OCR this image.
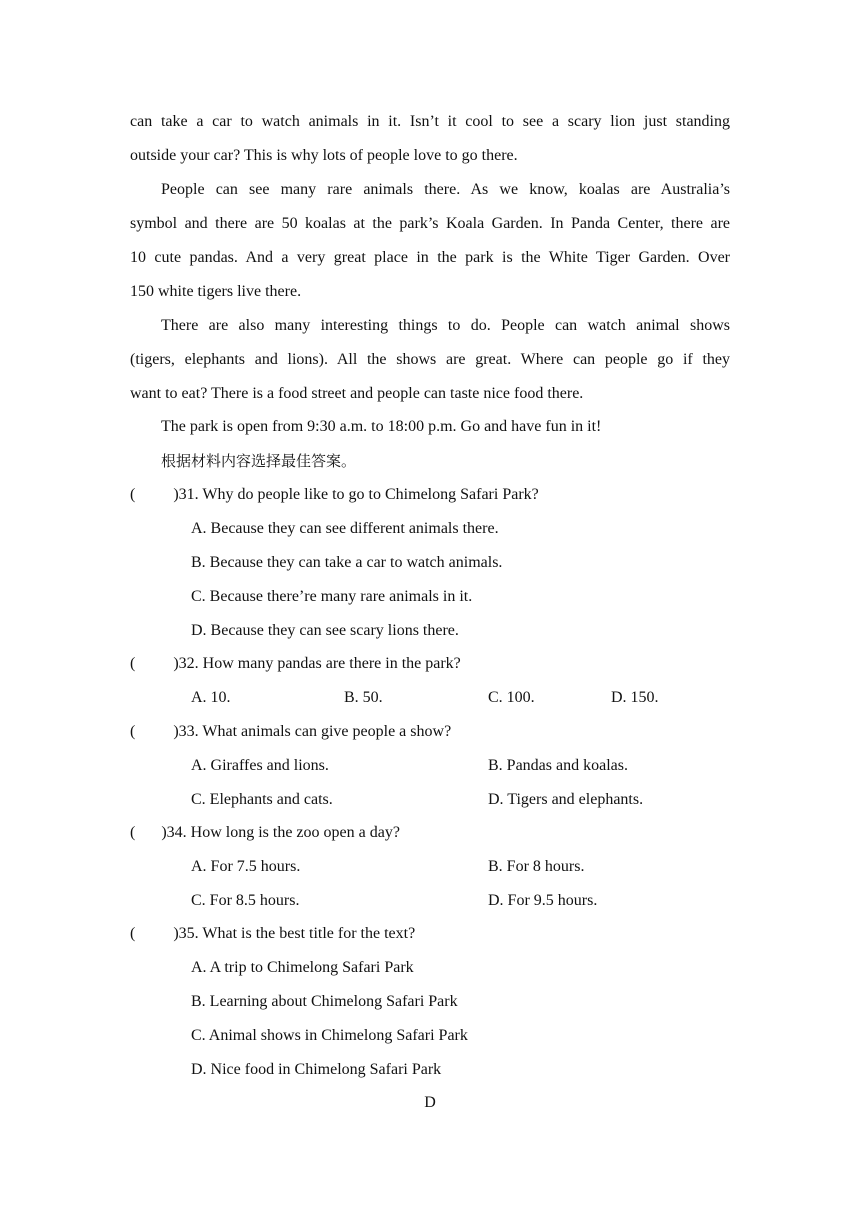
can take a car to watch animals in it. Isn’t it cool to see a scary lion just standing
outside your car? This is why lots of people love to go there.
People can see many rare animals there. As we know, koalas are Australia’s
symbol and there are 50 koalas at the park’s Koala Garden. In Panda Center, there are
10 cute pandas. And a very great place in the park is the White Tiger Garden. Over
150 white tigers live there.
There are also many interesting things to do. People can watch animal shows
(tigers, elephants and lions). All the shows are great. Where can people go if they
want to eat? There is a food street and people can taste nice food there.
The park is open from 9:30 a.m. to 18:00 p.m. Go and have fun in it!
根据材料内容选择最佳答案。
( )31. Why do people like to go to Chimelong Safari Park?
A. Because they can see different animals there.
B. Because they can take a car to watch animals.
C. Because there’re many rare animals in it.
D. Because they can see scary lions there.
( )32. How many pandas are there in the park?
A. 10.	B. 50.	C. 100.	D. 150.
( )33. What animals can give people a show?
A. Giraffes and lions.	B. Pandas and koalas.
C. Elephants and cats.	D. Tigers and elephants.
( )34. How long is the zoo open a day?
A. For 7.5 hours.	B. For 8 hours.
C. For 8.5 hours.	D. For 9.5 hours.
( )35. What is the best title for the text?
A. A trip to Chimelong Safari Park
B. Learning about Chimelong Safari Park
C. Animal shows in Chimelong Safari Park
D. Nice food in Chimelong Safari Park
D
